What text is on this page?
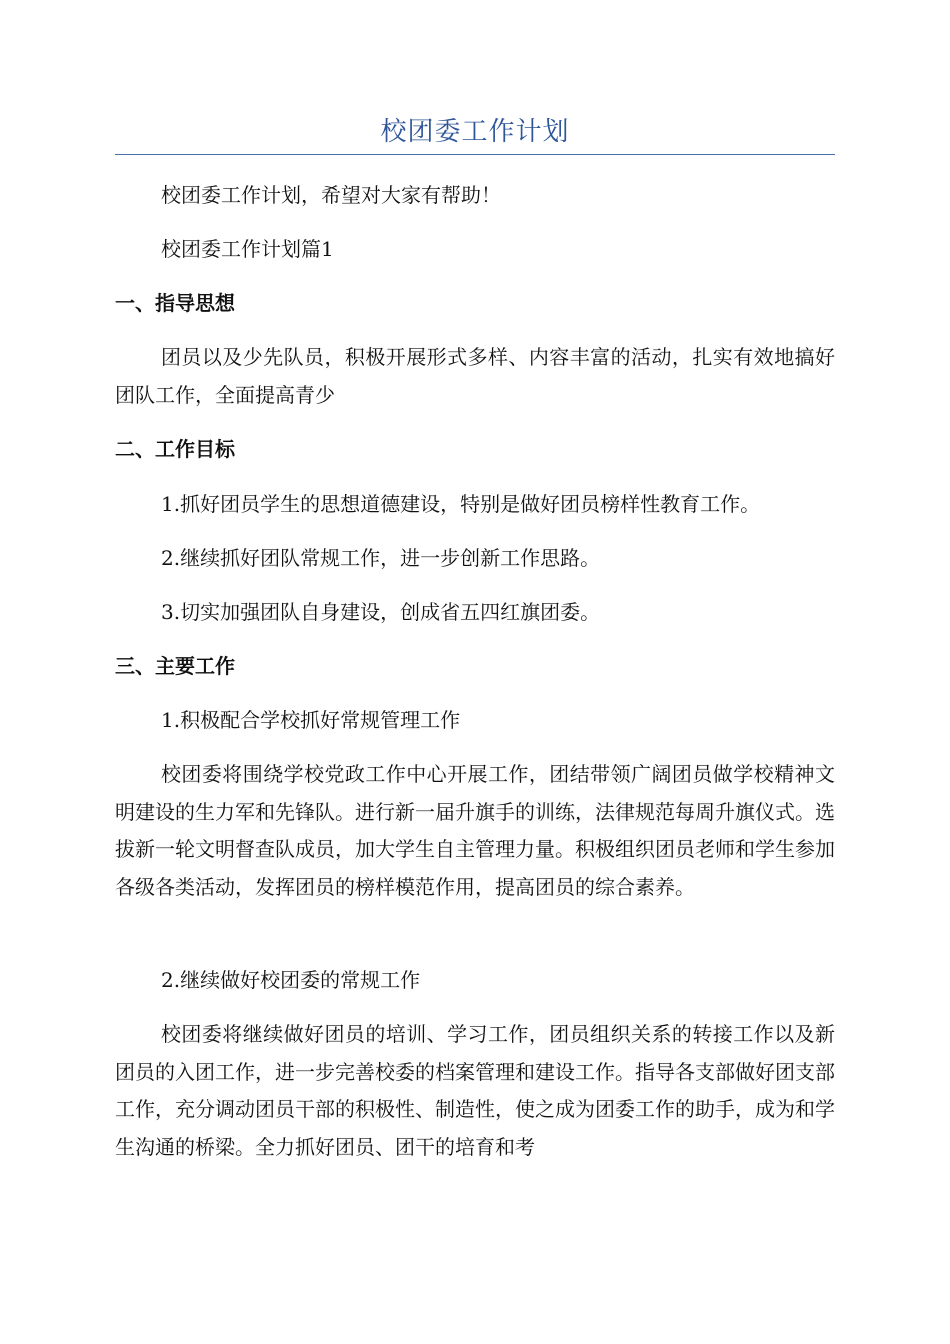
校团委工作计划
校团委工作计划，希望对大家有帮助！
校团委工作计划篇1
一、指导思想
团员以及少先队员，积极开展形式多样、内容丰富的活动，扎实有效地搞好团队工作，全面提高青少
二、工作目标
1.抓好团员学生的思想道德建设，特别是做好团员榜样性教育工作。
2.继续抓好团队常规工作，进一步创新工作思路。
3.切实加强团队自身建设，创成省五四红旗团委。
三、主要工作
1.积极配合学校抓好常规管理工作
校团委将围绕学校党政工作中心开展工作，团结带领广阔团员做学校精神文明建设的生力军和先锋队。进行新一届升旗手的训练，法律规范每周升旗仪式。选拔新一轮文明督查队成员，加大学生自主管理力量。积极组织团员老师和学生参加各级各类活动，发挥团员的榜样模范作用，提高团员的综合素养。
2.继续做好校团委的常规工作
校团委将继续做好团员的培训、学习工作，团员组织关系的转接工作以及新团员的入团工作，进一步完善校委的档案管理和建设工作。指导各支部做好团支部工作，充分调动团员干部的积极性、制造性，使之成为团委工作的助手，成为和学生沟通的桥梁。全力抓好团员、团干的培育和考
